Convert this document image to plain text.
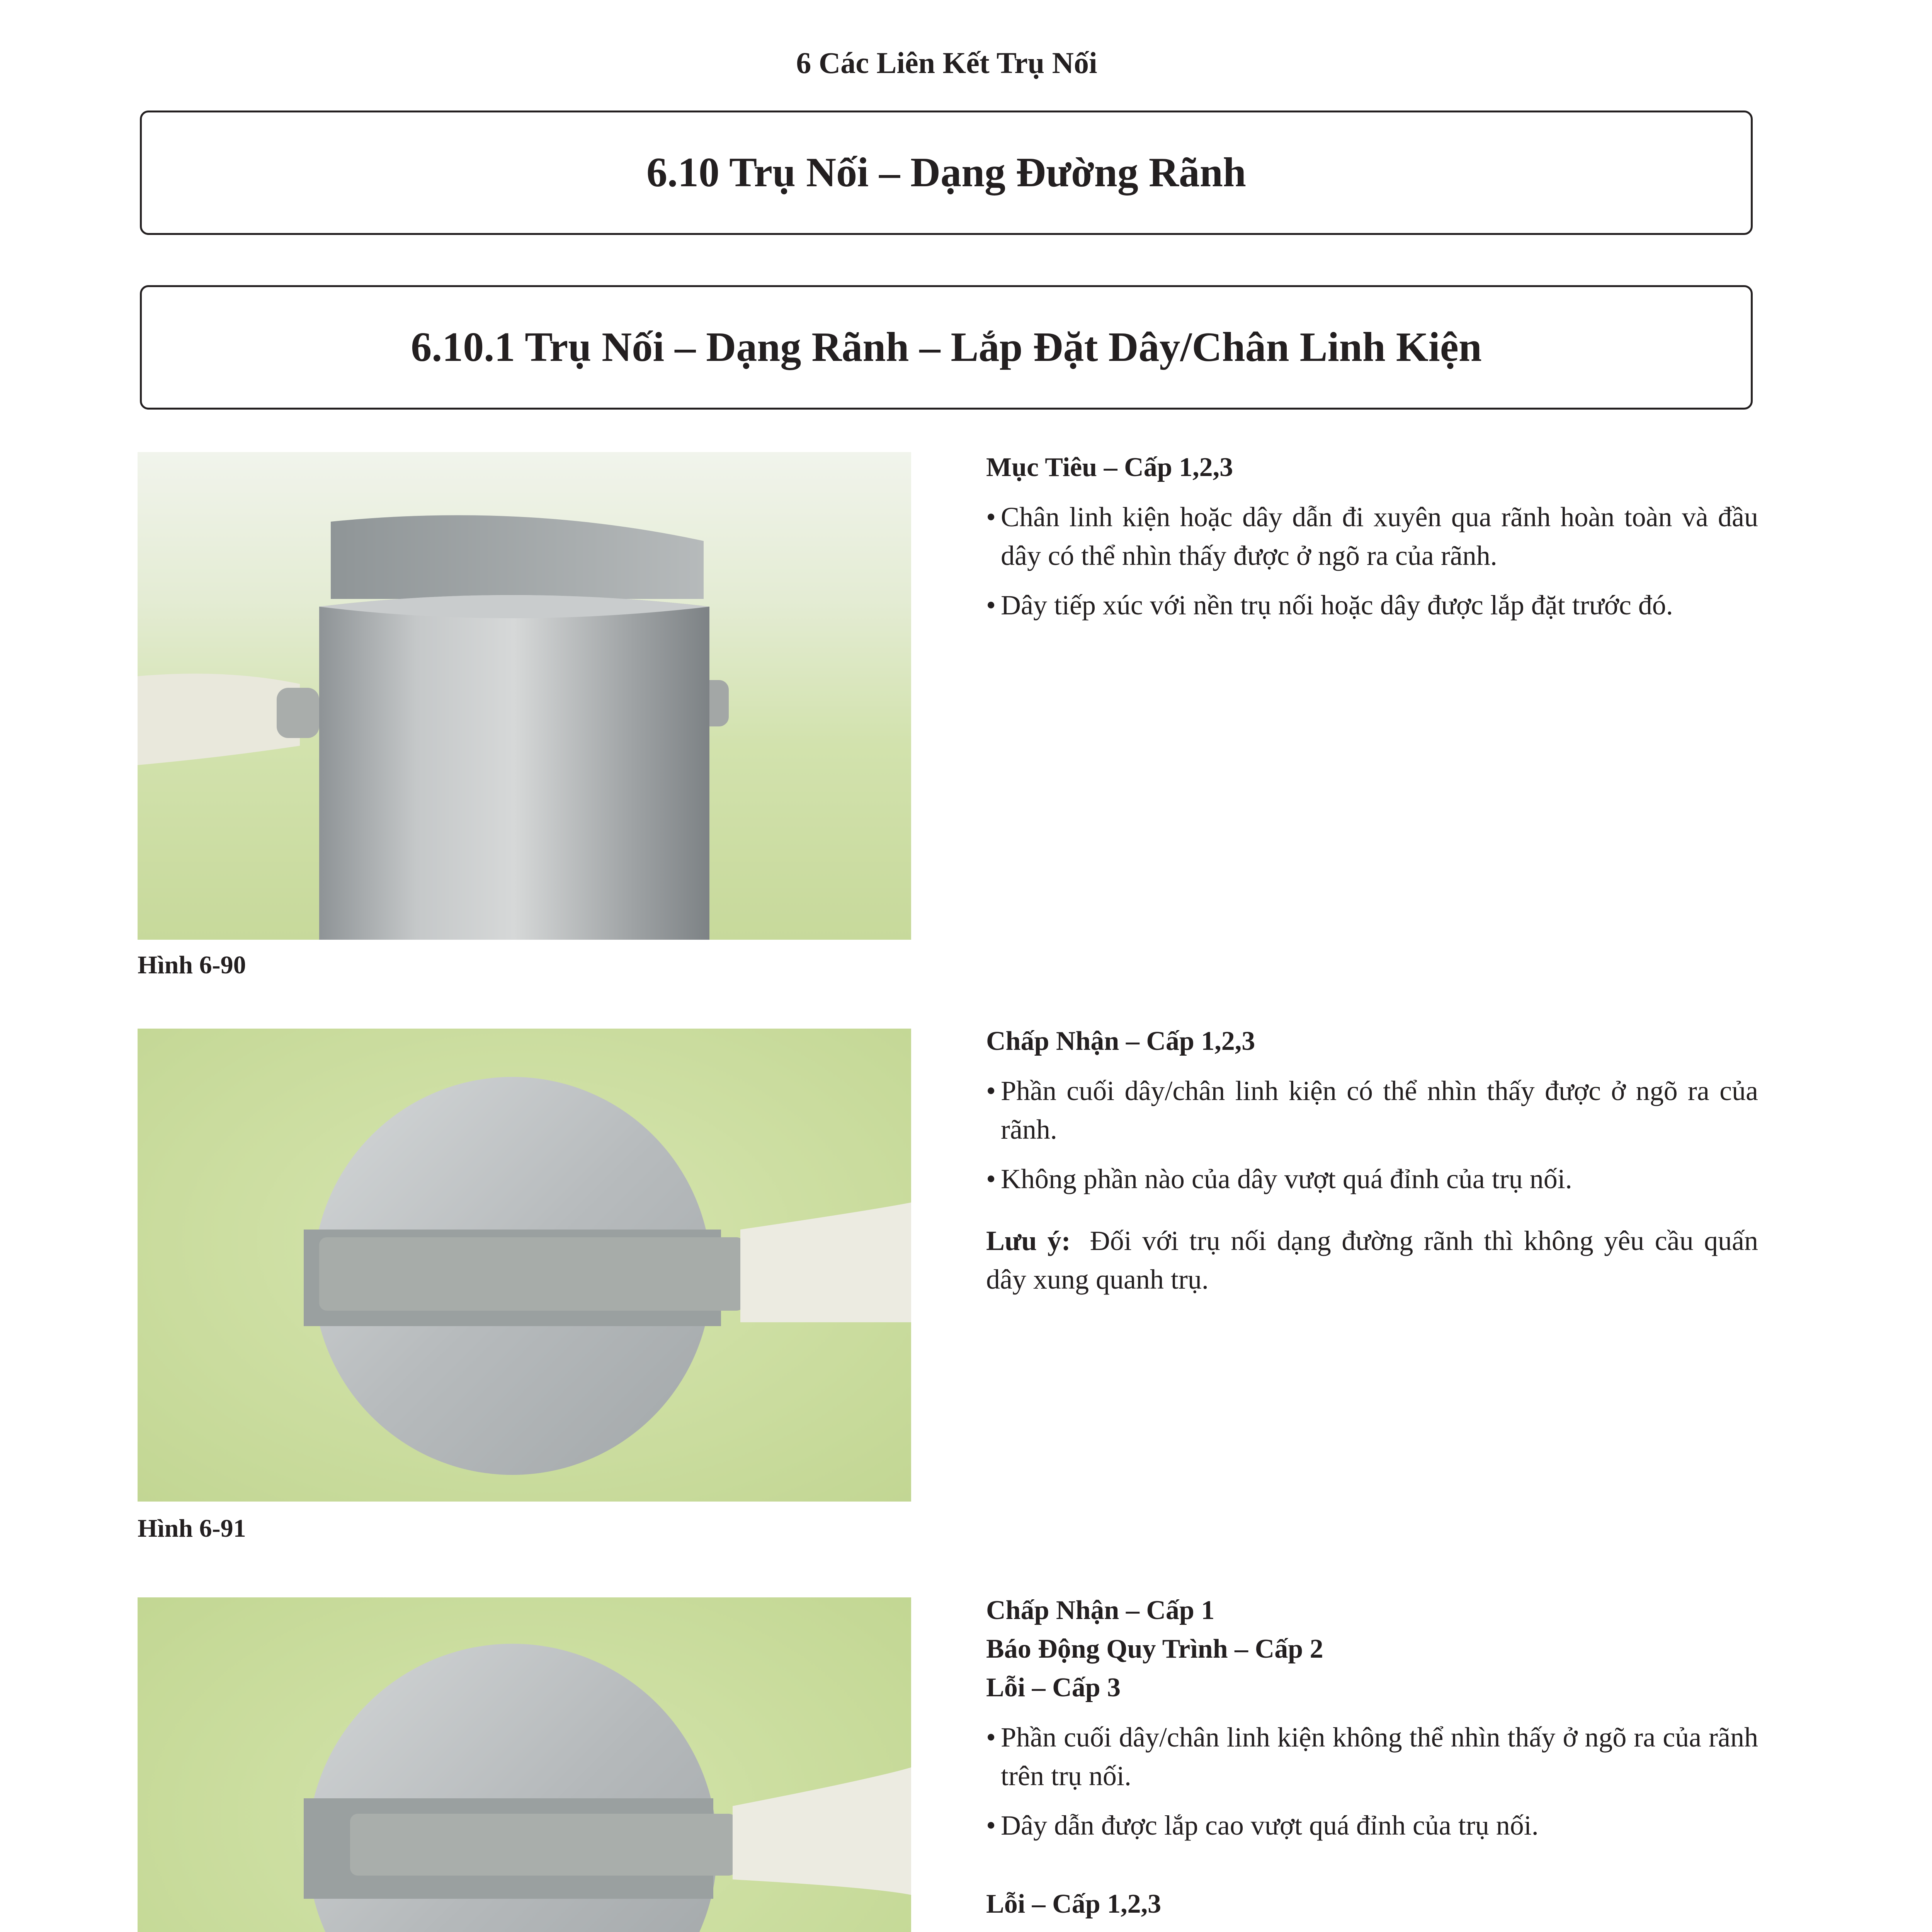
6 Các Liên Kết Trụ Nối
6.10 Trụ Nối – Dạng Đường Rãnh
6.10.1 Trụ Nối – Dạng Rãnh – Lắp Đặt Dây/Chân Linh Kiện
Hình 6-90
Mục Tiêu – Cấp 1,2,3
• Chân linh kiện hoặc dây dẫn đi xuyên qua rãnh hoàn toàn và đầu dây có thể nhìn thấy được ở ngõ ra của rãnh.
• Dây tiếp xúc với nền trụ nối hoặc dây được lắp đặt trước đó.
Hình 6-91
Chấp Nhận – Cấp 1,2,3
• Phần cuối dây/chân linh kiện có thể nhìn thấy được ở ngõ ra của rãnh.
• Không phần nào của dây vượt quá đỉnh của trụ nối.
Lưu ý: Đối với trụ nối dạng đường rãnh thì không yêu cầu quấn dây xung quanh trụ.
Chấp Nhận – Cấp 1
Báo Động Quy Trình – Cấp 2
Lỗi – Cấp 3
• Phần cuối dây/chân linh kiện không thể nhìn thấy ở ngõ ra của rãnh trên trụ nối.
• Dây dẫn được lắp cao vượt quá đỉnh của trụ nối.
Lỗi – Cấp 1,2,3
